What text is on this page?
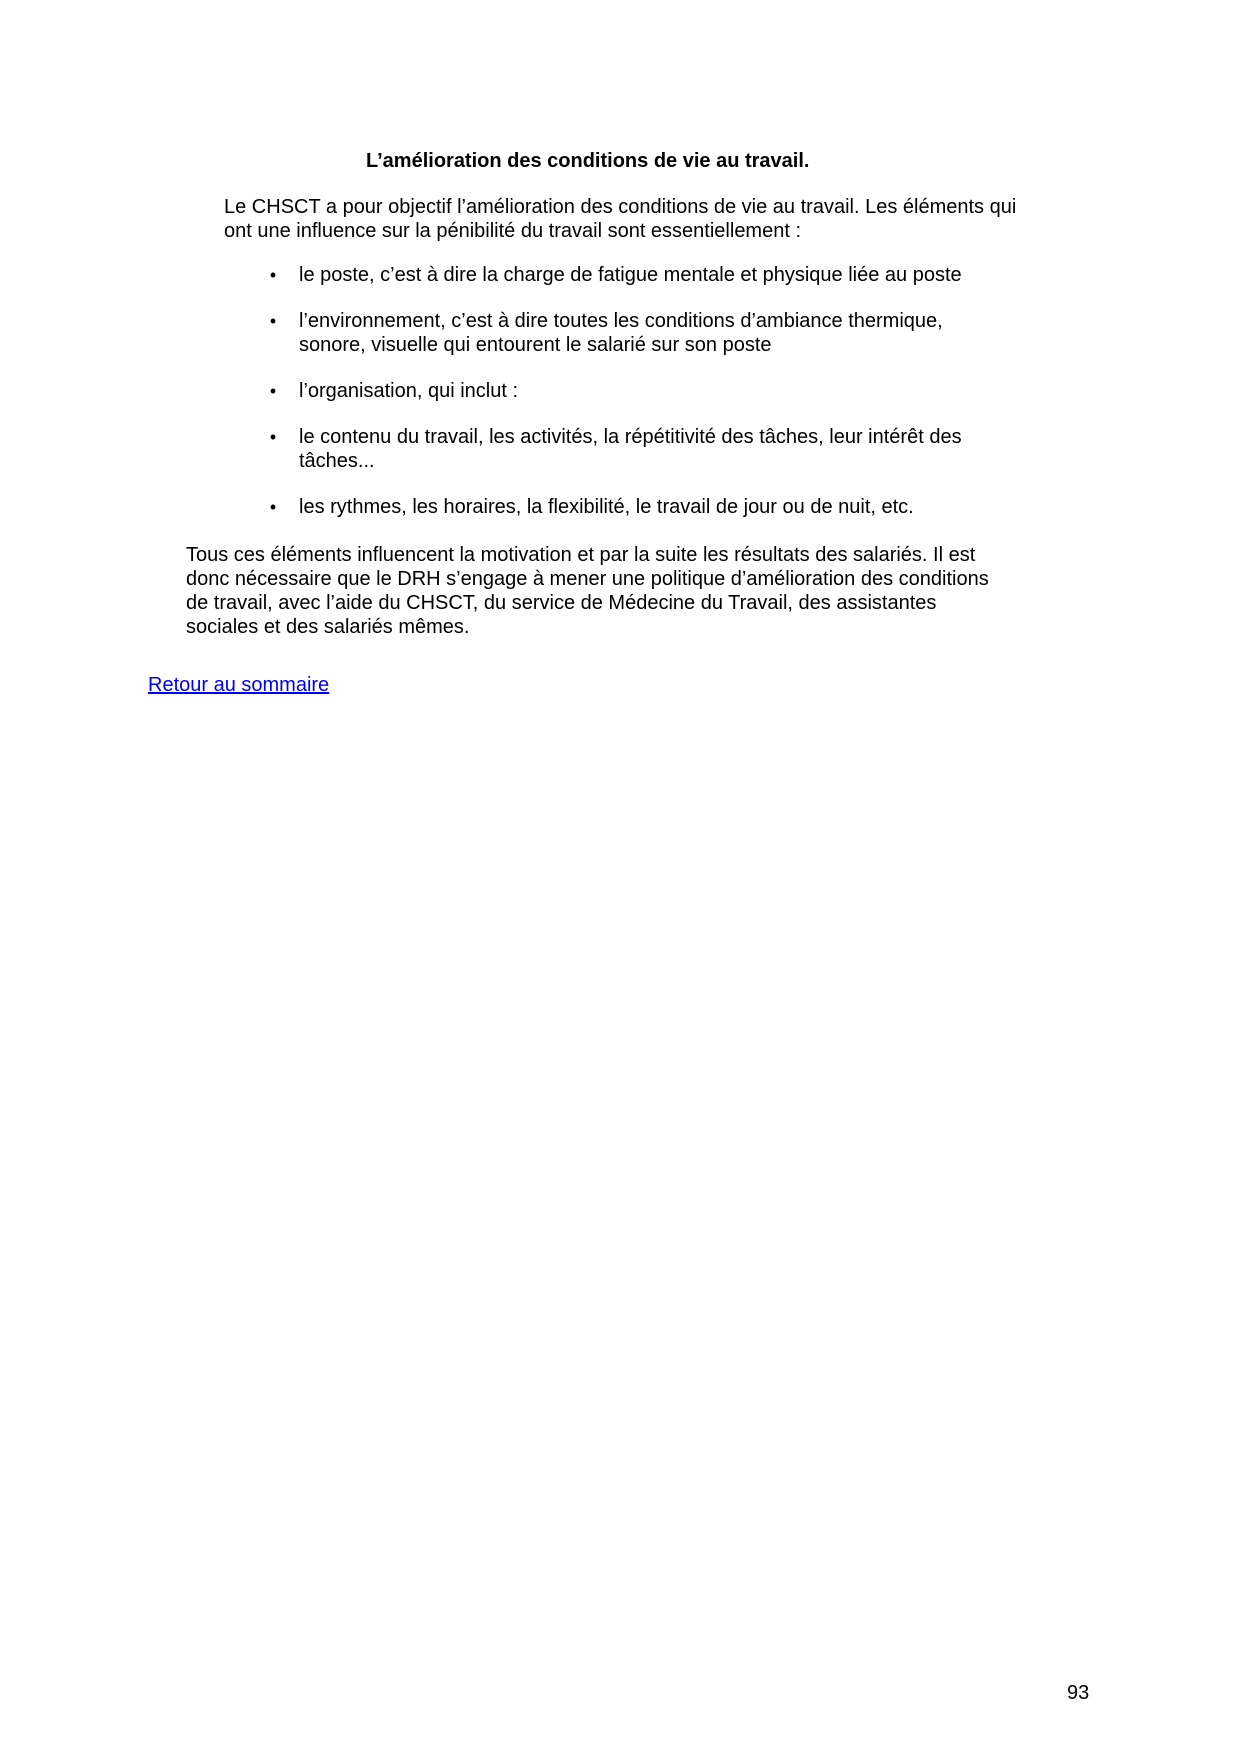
L’amélioration des conditions de vie au travail.

Le CHSCT a pour objectif l’amélioration des conditions de vie au travail. Les éléments qui ont une influence sur la pénibilité du travail sont essentiellement :

•	le poste, c’est à dire la charge de fatigue mentale et physique liée au poste
•	l’environnement, c’est à dire toutes les conditions d’ambiance thermique, sonore, visuelle qui entourent le salarié sur son poste
•	l’organisation, qui inclut :
•	le contenu du travail, les activités, la répétitivité des tâches, leur intérêt des tâches...
•	les rythmes, les horaires, la flexibilité, le travail de jour ou de nuit, etc.

Tous ces éléments influencent la motivation et par la suite les résultats des salariés. Il est donc nécessaire que le DRH s’engage à mener une politique d’amélioration des conditions de travail, avec l’aide du CHSCT, du service de Médecine du Travail, des assistantes sociales et des salariés mêmes.

Retour au sommaire
93
